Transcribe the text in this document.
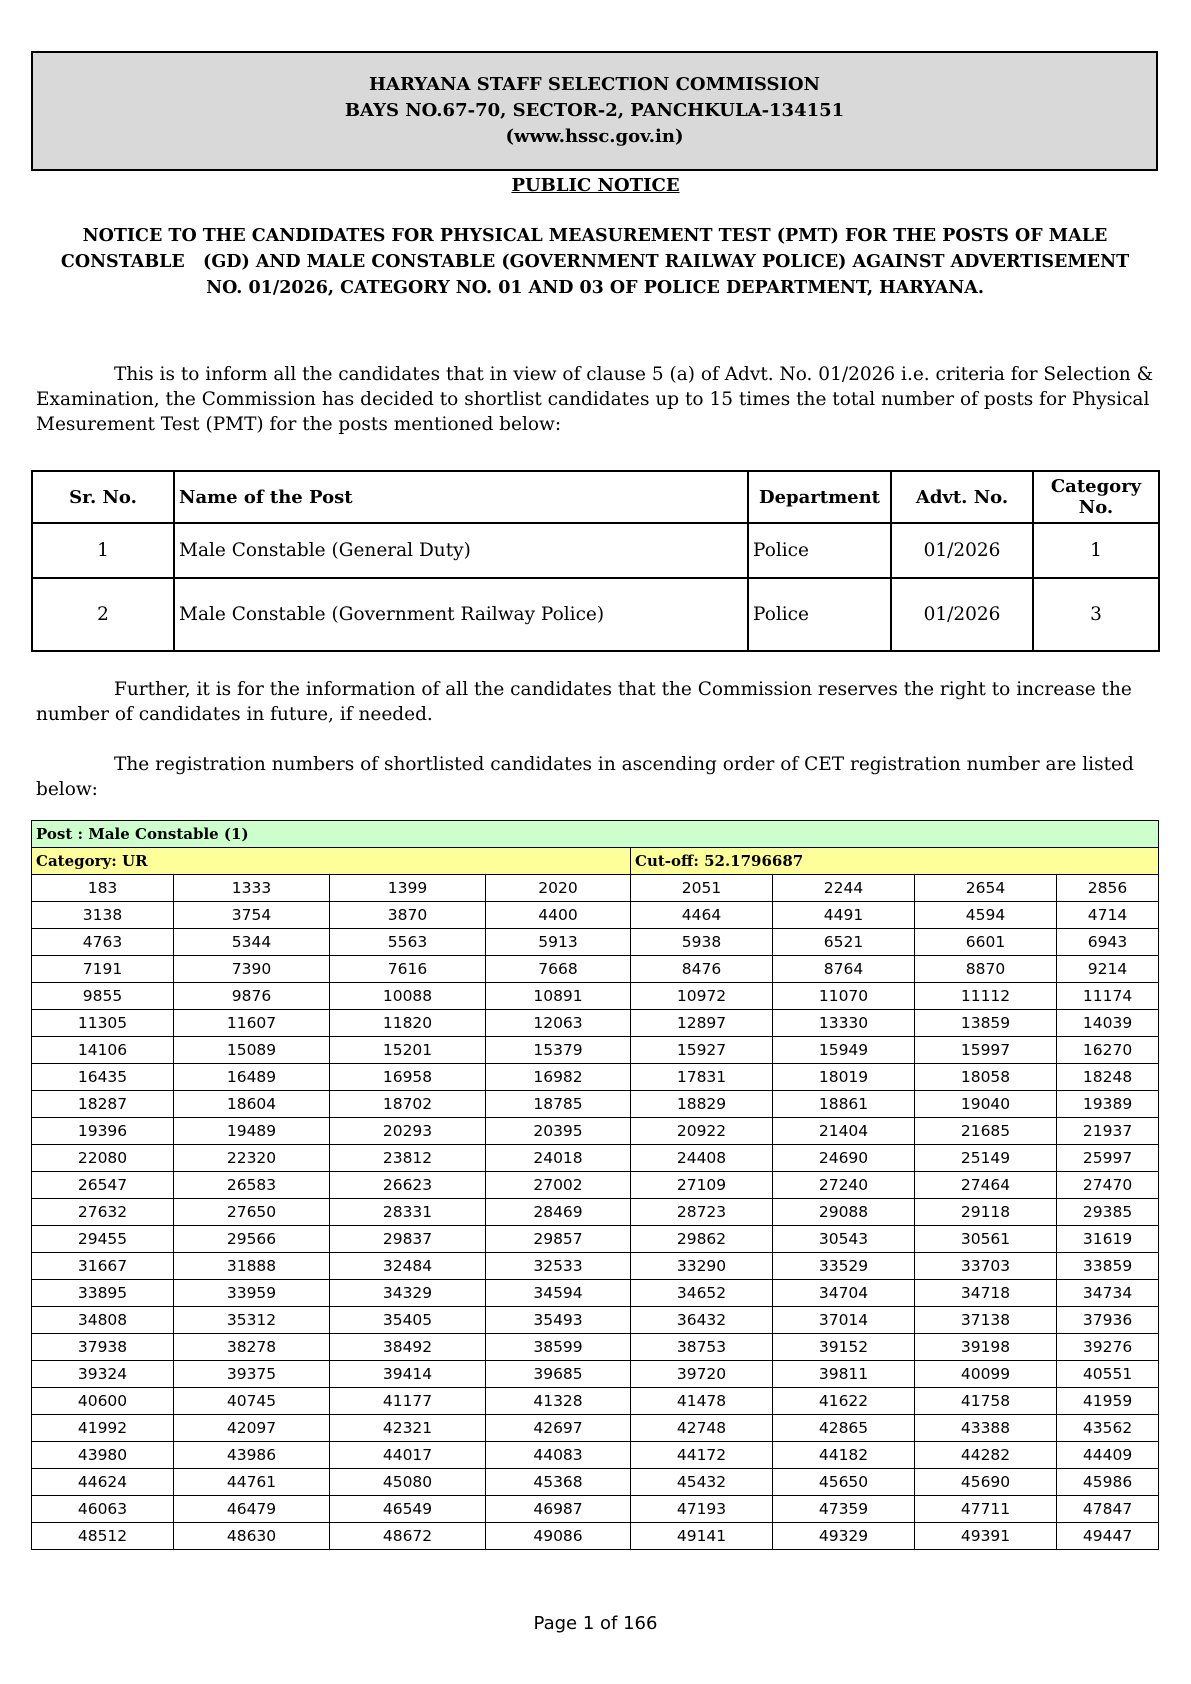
HARYANA STAFF SELECTION COMMISSION
BAYS NO.67-70, SECTOR-2, PANCHKULA-134151
(www.hssc.gov.in)
PUBLIC NOTICE
NOTICE TO THE CANDIDATES FOR PHYSICAL MEASUREMENT TEST (PMT) FOR THE POSTS OF MALE
CONSTABLE   (GD) AND MALE CONSTABLE (GOVERNMENT RAILWAY POLICE) AGAINST ADVERTISEMENT
NO. 01/2026, CATEGORY NO. 01 AND 03 OF POLICE DEPARTMENT, HARYANA.

This is to inform all the candidates that in view of clause 5 (a) of Advt. No. 01/2026 i.e. criteria for Selection & Examination, the Commission has decided to shortlist candidates up to 15 times the total number of posts for Physical Mesurement Test (PMT) for the posts mentioned below:

Sr. No.	Name of the Post	Department	Advt. No.	Category
No.

1	Male Constable (General Duty)	Police	01/2026	1
2	Male Constable (Government Railway Police)	Police	01/2026	3

Further, it is for the information of all the candidates that the Commission reserves the right to increase the number of candidates in future, if needed.

The registration numbers of shortlisted candidates in ascending order of CET registration number are listed below:

Post : Male Constable (1)							
Category: UR				Cut-off: 52.1796687			
183	1333	1399	2020	2051	2244	2654	2856
3138	3754	3870	4400	4464	4491	4594	4714
4763	5344	5563	5913	5938	6521	6601	6943
7191	7390	7616	7668	8476	8764	8870	9214
9855	9876	10088	10891	10972	11070	11112	11174
11305	11607	11820	12063	12897	13330	13859	14039
14106	15089	15201	15379	15927	15949	15997	16270
16435	16489	16958	16982	17831	18019	18058	18248
18287	18604	18702	18785	18829	18861	19040	19389
19396	19489	20293	20395	20922	21404	21685	21937
22080	22320	23812	24018	24408	24690	25149	25997
26547	26583	26623	27002	27109	27240	27464	27470
27632	27650	28331	28469	28723	29088	29118	29385
29455	29566	29837	29857	29862	30543	30561	31619
31667	31888	32484	32533	33290	33529	33703	33859
33895	33959	34329	34594	34652	34704	34718	34734
34808	35312	35405	35493	36432	37014	37138	37936
37938	38278	38492	38599	38753	39152	39198	39276
39324	39375	39414	39685	39720	39811	40099	40551
40600	40745	41177	41328	41478	41622	41758	41959
41992	42097	42321	42697	42748	42865	43388	43562
43980	43986	44017	44083	44172	44182	44282	44409
44624	44761	45080	45368	45432	45650	45690	45986
46063	46479	46549	46987	47193	47359	47711	47847
48512	48630	48672	49086	49141	49329	49391	49447
Page 1 of 166
